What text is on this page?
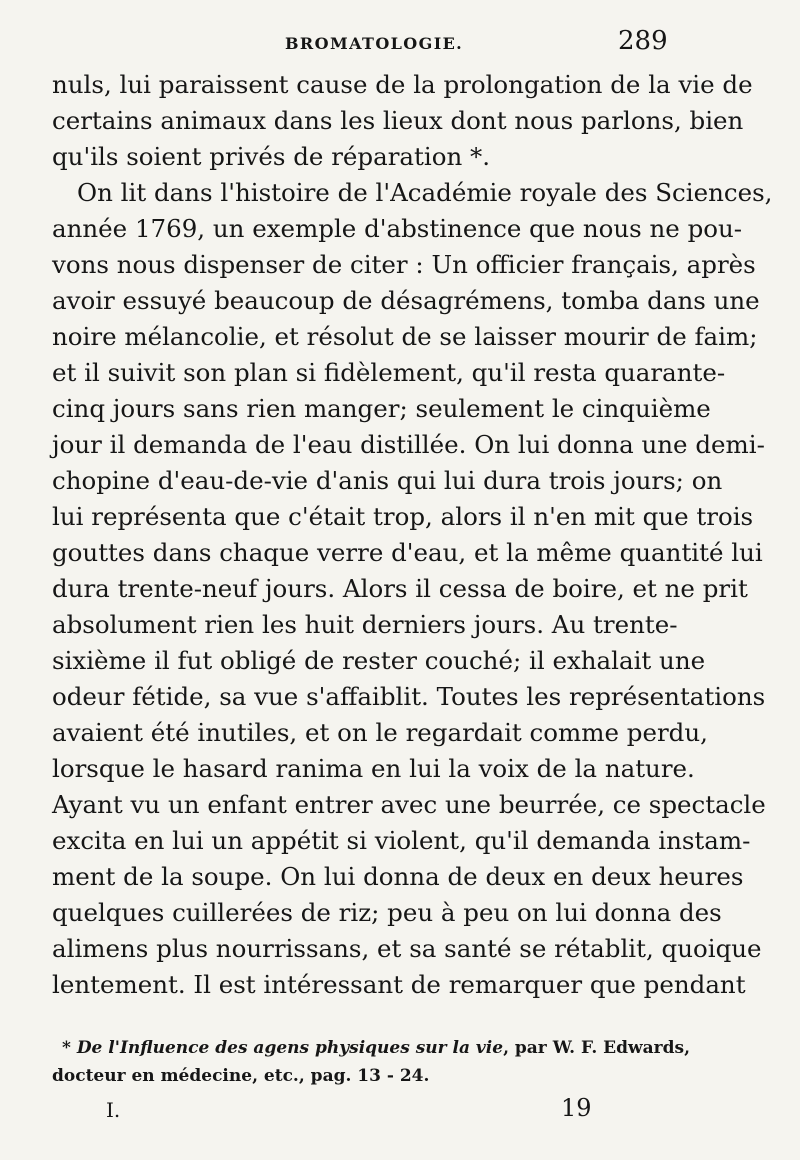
BROMATOLOGIE.	289
nuls, lui paraissent cause de la prolongation de la vie de
certains animaux dans les lieux dont nous parlons, bien
qu'ils soient privés de réparation *.
On lit dans l'histoire de l'Académie royale des Sciences,
année 1769, un exemple d'abstinence que nous ne pou-
vons nous dispenser de citer : Un officier français, après
avoir essuyé beaucoup de désagrémens, tomba dans une
noire mélancolie, et résolut de se laisser mourir de faim;
et il suivit son plan si fidèlement, qu'il resta quarante-
cinq jours sans rien manger; seulement le cinquième
jour il demanda de l'eau distillée. On lui donna une demi-
chopine d'eau-de-vie d'anis qui lui dura trois jours; on
lui représenta que c'était trop, alors il n'en mit que trois
gouttes dans chaque verre d'eau, et la même quantité lui
dura trente-neuf jours. Alors il cessa de boire, et ne prit
absolument rien les huit derniers jours. Au trente-
sixième il fut obligé de rester couché; il exhalait une
odeur fétide, sa vue s'affaiblit. Toutes les représentations
avaient été inutiles, et on le regardait comme perdu,
lorsque le hasard ranima en lui la voix de la nature.
Ayant vu un enfant entrer avec une beurrée, ce spectacle
excita en lui un appétit si violent, qu'il demanda instam-
ment de la soupe. On lui donna de deux en deux heures
quelques cuillerées de riz; peu à peu on lui donna des
alimens plus nourrissans, et sa santé se rétablit, quoique
lentement. Il est intéressant de remarquer que pendant
* De l'Influence des agens physiques sur la vie, par W. F. Edwards,
docteur en médecine, etc., pag. 13 - 24.
I.	19
